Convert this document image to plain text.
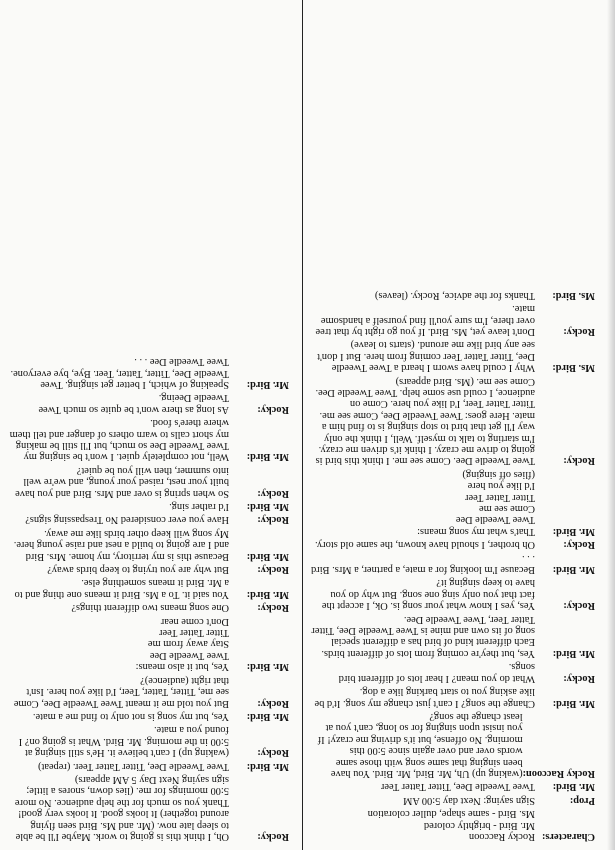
Characters:
Rocky Raccoon
Mr. Bird - brightly colored
Ms. Bird - same shape, duller coloration
Prop:
Sign saying: Next day 5:00 AM
Mr. Bird:
Twee Tweedle Dee, Titter Tatter Teer
Rocky Raccoon:
(waking up) Uh, Mr. Bird, Mr. Bird. You have been singing that same song with those same words over and over again since 5:00 this morning. No offense, but it's driving me crazy! If you insist upon singing for so long, can't you at least change the song?
Mr. Bird:
Change the song? I can't just change my song. It'd be like asking you to start barking like a dog.
Rocky:
What do you mean? I hear lots of different bird songs.
Mr. Bird:
Yes, but they're coming from lots of different birds. Each different kind of bird has a different special song of its own and mine is Twee Tweedle Dee, Titter Tatter Teer, Twee Tweedle Dee.
Rocky:
Yes, yes I know what your song is. Ok, I accept the fact that you only sing one song. But why do you have to keep singing it?
Mr. Bird:
Because I'm looking for a mate, a partner, a Mrs. Bird . . .
Rocky:
Oh brother, I should have known, the same old story.
Mr. Bird:
That's what my song means:
Twee Tweedle Dee
Come see me
Titter Tatter Teer
I'd like you here
(flies off singing)
Rocky:
Twee Tweedle Dee. Come see me. I think this bird is going to drive me crazy. I think it's driven me crazy. I'm starting to talk to myself. Well, I think the only way I'll get that bird to stop singing is to find him a mate. Here goes: Twee Tweedle Dee, Come see me. Titter Tatter Teer, I'd like you here. Come on audience, I could use some help. Twee Tweedle Dee. Come see me. (Ms. Bird appears)
Ms. Bird:
Why I could have sworn I heard a Twee Tweedle Dee, Titter Tatter Teer coming from here. But I don't see any bird like me around. (starts to leave)
Rocky:
Don't leave yet, Ms. Bird. If you go right by that tree over there, I'm sure you'll find yourself a handsome mate.
Ms. Bird:
Thanks for the advice, Rocky. (leaves)
Rocky:
Oh, I think this is going to work. Maybe I'll be able to sleep late now. (Mr. and Ms. Bird seen flying around together) It looks good. It looks very good! Thank you so much for the help audience. No more 5:00 mornings for me. (lies down, snores a little; sign saying Next Day 5 AM appears)
Mr. Bird:
Twee Tweedle Dee, Titter Tatter Teer. (repeat)
Rocky:
(waking up) I can't believe it. He's still singing at 5:00 in the morning. Mr. Bird. What is going on? I found you a mate.
Mr. Bird:
Yes, but my song is not only to find me a mate.
Rocky:
But you told me it meant Twee Tweedle Dee, Come see me, Titter, Tatter, Teer, I'd like you here. Isn't that right (audience)?
Mr. Bird:
Yes, but it also means:
Twee Tweedle Dee
Stay away from me
Titter Tatter Teer
Don't come near
Rocky:
One song means two different things?
Mr. Bird:
You said it. To a Ms. Bird it means one thing and to a Mr. Bird it means something else.
Rocky:
But why are you trying to keep birds away?
Mr. Bird:
Because this is my territory, my home. Mrs. Bird and I are going to build a nest and raise young here. My song will keep other birds like me away.
Rocky:
Have you ever considered No Trespassing signs?
Mr. Bird:
I'd rather sing.
Rocky:
So when spring is over and Mrs. Bird and you have built your nest, raised your young, and we're well into summer, then will you be quiet?
Mr. Bird:
Well, not completely quiet. I won't be singing my Twee Tweedle Dee so much, but I'll still be making my short calls to warn others of danger and tell them where there's food.
Rocky:
As long as there won't be quite so much Twee Tweedle Deeing.
Mr. Bird:
Speaking of which, I better get singing. Twee Tweedle Dee, Titter, Tatter, Teer. Bye, bye everyone. Twee Tweedle Dee . . .
